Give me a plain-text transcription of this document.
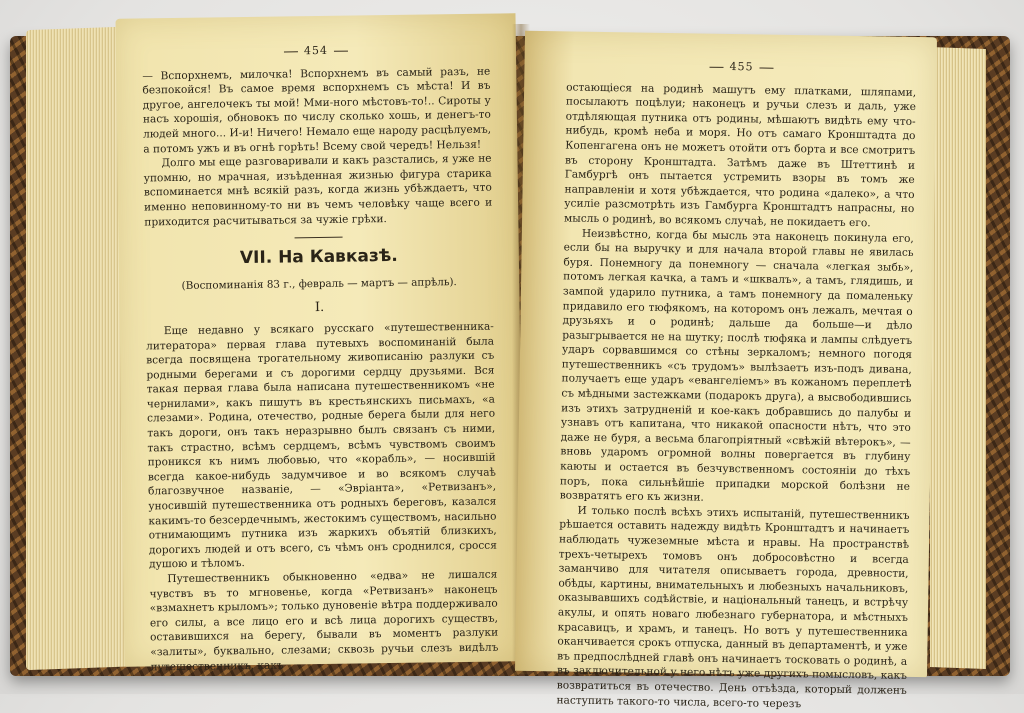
454

— Вспорхнемъ, милочка! Вспорхнемъ въ самый разъ, не безпокойся! Въ самое время вспорхнемъ съ мѣста! И въ другое, ангелочекъ ты мой! Мми-ного мѣстовъ-то!.. Сироты у насъ хорошія, обновокъ по числу сколько хошь, и денегъ-то людей много... И-и! Ничего! Немало еще народу расцѣлуемъ, а потомъ ужъ и въ огнѣ горѣть! Всему свой чередъ! Нельзя!

Долго мы еще разговаривали и какъ разстались, я уже не упомню, но мрачная, изъѣденная жизнью фигура старика вспоминается мнѣ всякій разъ, когда жизнь убѣждаетъ, что именно неповинному-то ни въ чемъ человѣку чаще всего и приходится расчитываться за чужіе грѣхи.

VII. На Кавказѣ.
(Воспоминанія 83 г., февраль — мартъ — апрѣль).
I.

Еще недавно у всякаго русскаго «путешественника-литератора» первая глава путевыхъ воспоминаній была всегда посвящена трогательному живописанію разлуки съ родными берегами и съ дорогими сердцу друзьями. Вся такая первая глава была написана путешественникомъ «не чернилами», какъ пишутъ въ крестьянскихъ письмахъ, «а слезами». Родина, отечество, родные берега были для него такъ дороги, онъ такъ неразрывно былъ связанъ съ ними, такъ страстно, всѣмъ сердцемъ, всѣмъ чувствомъ своимъ проникся къ нимъ любовью, что «корабль», — носившій всегда какое-нибудь задумчивое и во всякомъ случаѣ благозвучное названіе, — «Эвріанта», «Ретвизанъ», уносившій путешественника отъ родныхъ береговъ, казался какимъ-то безсердечнымъ, жестокимъ существомъ, насильно отнимающимъ путника изъ жаркихъ объятій близкихъ, дорогихъ людей и отъ всего, съ чѣмъ онъ сроднился, сросся душою и тѣломъ.

Путешественникъ обыкновенно «едва» не лишался чувствъ въ то мгновенье, когда «Ретвизанъ» наконецъ «взмахнетъ крыломъ»; только дуновеніе вѣтра поддерживало его силы, а все лицо его и всѣ лица дорогихъ существъ, оставившихся на берегу, бывали въ моментъ разлуки «залиты», буквально, слезами; сквозь ручьи слезъ видѣлъ путешественникъ, какъ

455

остающіеся на родинѣ машутъ ему платками, шляпами, посылаютъ поцѣлуи; наконецъ и ручьи слезъ и даль, уже отдѣляющая путника отъ родины, мѣшаютъ видѣть ему что-нибудь, кромѣ неба и моря. Но отъ самаго Кронштадта до Копенгагена онъ не можетъ отойти отъ борта и все смотритъ въ сторону Кронштадта. Затѣмъ даже въ Штеттинѣ и Гамбургѣ онъ пытается устремить взоры въ томъ же направленіи и хотя убѣждается, что родина «далеко», а что усиліе разсмотрѣть изъ Гамбурга Кронштадтъ напрасны, но мысль о родинѣ, во всякомъ случаѣ, не покидаетъ его.

Неизвѣстно, когда бы мысль эта наконецъ покинула его, если бы на выручку и для начала второй главы не явилась буря. Понемногу да понемногу — сначала «легкая зыбь», потомъ легкая качка, а тамъ и «шквалъ», а тамъ, глядишь, и зампой ударило путника, а тамъ понемногу да помаленьку придавило его тюфякомъ, на которомъ онъ лежалъ, мечтая о друзьяхъ и о родинѣ; дальше да больше—и дѣло разыгрывается не на шутку; послѣ тюфяка и лампы слѣдуетъ ударъ сорвавшимся со стѣны зеркаломъ; немного погодя путешественникъ «съ трудомъ» вылѣзаетъ изъ-подъ дивана, получаетъ еще ударъ «евангеліемъ» въ кожаномъ переплетѣ съ мѣдными застежками (подарокъ друга), а высвободившись изъ этихъ затрудненій и кое-какъ добравшись до палубы и узнавъ отъ капитана, что никакой опасности нѣтъ, что это даже не буря, а весьма благопріятный «свѣжій вѣтерокъ», — вновь ударомъ огромной волны повергается въ глубину каюты и остается въ безчувственномъ состояніи до тѣхъ поръ, пока сильнѣйшіе припадки морской болѣзни не возвратятъ его къ жизни.

И только послѣ всѣхъ этихъ испытаній, путешественникъ рѣшается оставить надежду видѣть Кронштадтъ и начинаетъ наблюдать чужеземные мѣста и нравы. На пространствѣ трехъ-четырехъ томовъ онъ добросовѣстно и всегда заманчиво для читателя описываетъ города, древности, обѣды, картины, внимательныхъ и любезныхъ начальниковъ, оказывавшихъ содѣйствіе, и національный танецъ, и встрѣчу акулы, и опять новаго любезнаго губернатора, и мѣстныхъ красавицъ, и храмъ, и танецъ. Но вотъ у путешественника оканчивается срокъ отпуска, данный въ департаментѣ, и уже въ предпослѣдней главѣ онъ начинаетъ тосковать о родинѣ, а въ заключительной у него нѣтъ уже другихъ помысловъ, какъ возвратиться въ отечество. День отъѣзда, который долженъ наступить такого-то числа, всего-то черезъ
